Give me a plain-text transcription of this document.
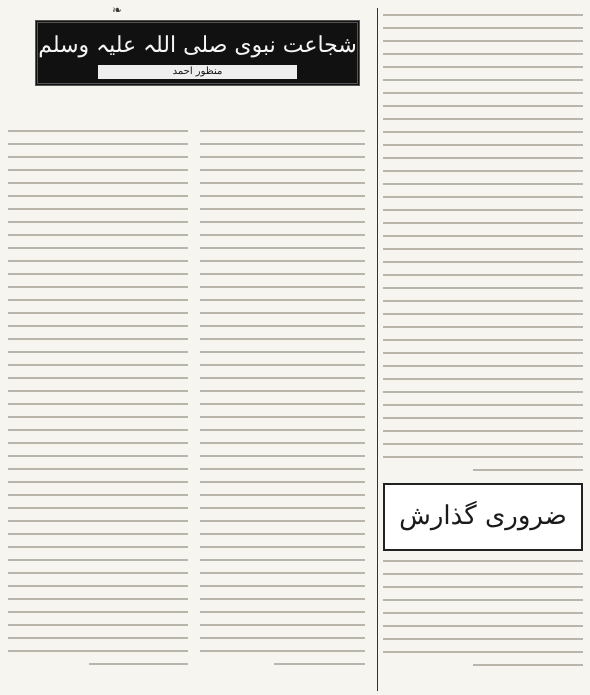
❧
شجاعت نبوی صلی اللہ علیہ وسلم
منظور احمد
ضروری گذارش
